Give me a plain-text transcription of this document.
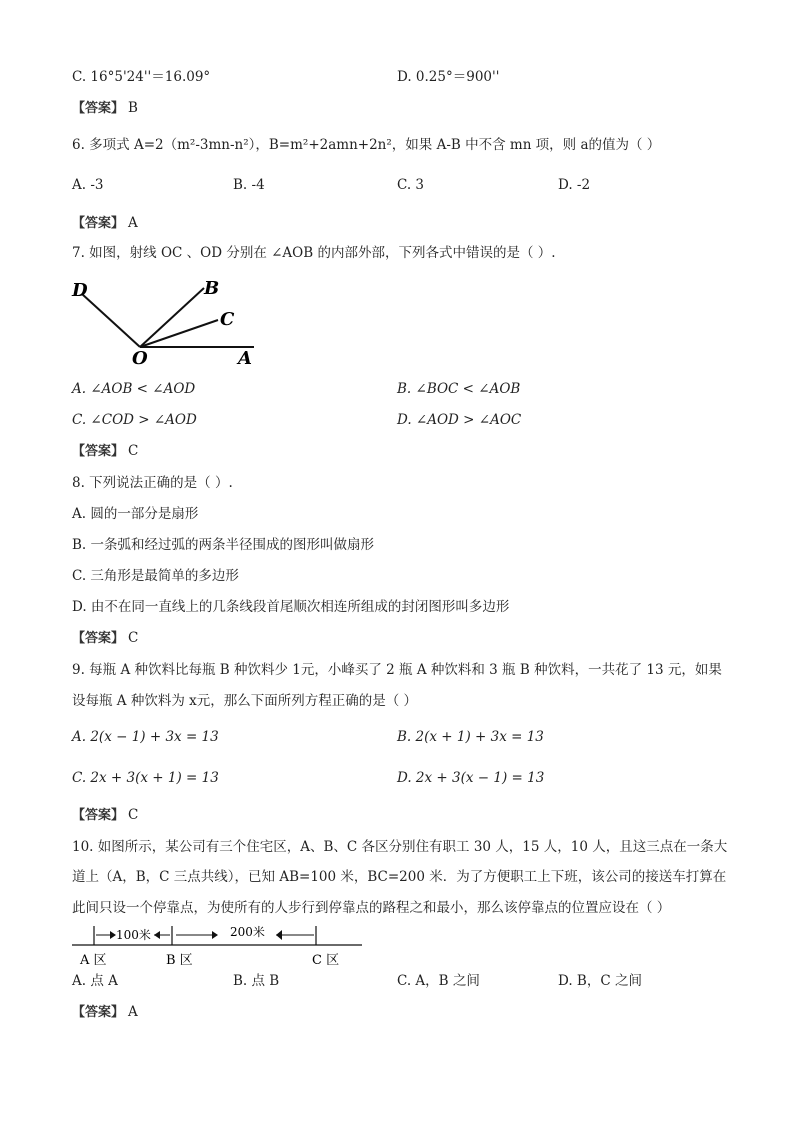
C. 16°5'24''＝16.09°	D. 0.25°＝900''
【答案】 B
6. 多项式 A=2（m²-3mn-n²），B=m²+2amn+2n²，如果 A-B 中不含 mn 项，则 a的值为（ ）
A. -3	B. -4	C. 3	D. -2
【答案】 A
7. 如图，射线 OC 、OD 分别在 ∠AOB 的内部外部，下列各式中错误的是（ ）.
D	B
C
O	A
A. ∠AOB < ∠AOD	B. ∠BOC < ∠AOB
C. ∠COD > ∠AOD	D. ∠AOD > ∠AOC
【答案】 C
8. 下列说法正确的是（ ）.
A. 圆的一部分是扇形
B. 一条弧和经过弧的两条半径围成的图形叫做扇形
C. 三角形是最简单的多边形
D. 由不在同一直线上的几条线段首尾顺次相连所组成的封闭图形叫多边形
【答案】 C
9. 每瓶 A 种饮料比每瓶 B 种饮料少 1元，小峰买了 2 瓶 A 种饮料和 3 瓶 B 种饮料，一共花了 13 元，如果
设每瓶 A 种饮料为 x元，那么下面所列方程正确的是（ ）
A. 2(x − 1) + 3x = 13	B. 2(x + 1) + 3x = 13
C. 2x + 3(x + 1) = 13	D. 2x + 3(x − 1) = 13
【答案】 C
10. 如图所示，某公司有三个住宅区，A、B、C 各区分别住有职工 30 人，15 人，10 人，且这三点在一条大
道上（A，B，C 三点共线），已知 AB=100 米，BC=200 米．为了方便职工上下班，该公司的接送车打算在
此间只设一个停靠点，为使所有的人步行到停靠点的路程之和最小，那么该停靠点的位置应设在（ ）
100米	200米
A 区	B 区	C 区
A. 点 A	B. 点 B	C. A，B 之间	D. B，C 之间
【答案】 A
